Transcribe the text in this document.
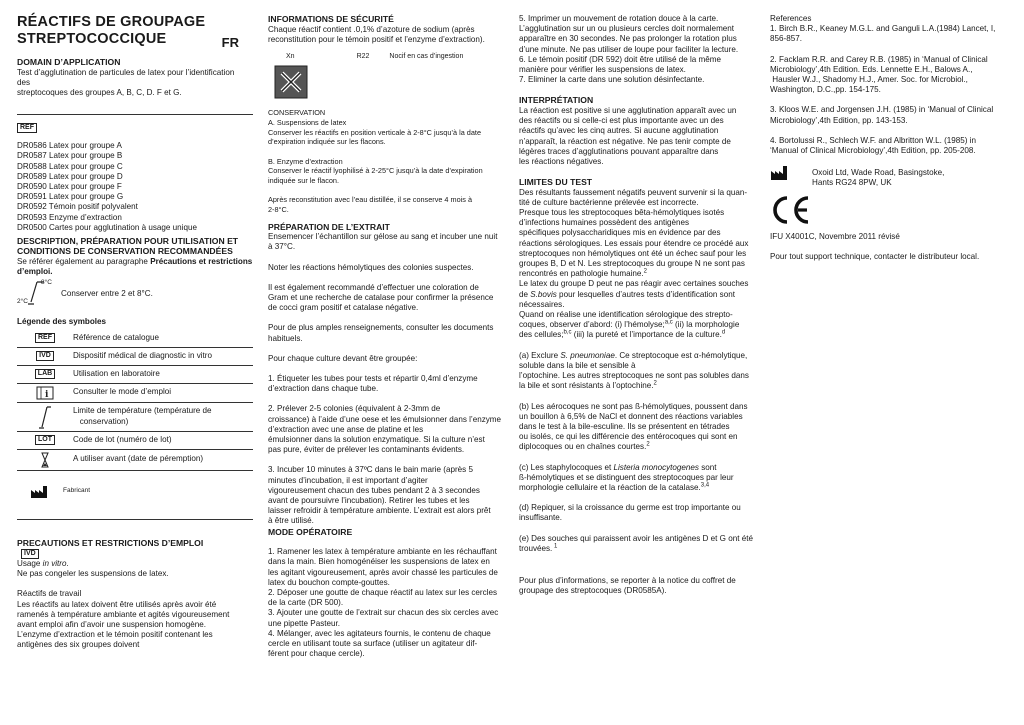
RÉACTIFS DE GROUPAGE
STREPTOCOCCIQUE	FR
DOMAIN D’APPLICATION

Test d’agglutination de particules de latex pour l’identification

des

streptocoques des groupes A, B, C, D. F et G.

REF

DR0586 Latex pour groupe A

DR0587 Latex pour groupe B

DR0588 Latex pour groupe C

DR0589 Latex pour groupe D

DR0590 Latex pour groupe F

DR0591 Latex pour groupe G

DR0592 Témoin positif polyvalent

DR0593 Enzyme d’extraction

DR0500 Cartes pour agglutination à usage unique

DESCRIPTION, PRÉPARATION POUR UTILISATION ET
CONDITIONS DE CONSERVATION RECOMMANDÉES

Se référer également au paragraphe Précautions et restrictions

d’emploi.

8°C
2°C
Conserver entre 2 et 8°C.
Légende des symboles
REF	Référence de catalogue
IVD	Dispositif médical de diagnostic in vitro
LAB	Utilisation en laboratoire
i	Consulter le mode d’emploi
Limite de température (température de
conservation)
LOT	Code de lot (numéro de lot)
A utiliser avant (date de péremption)
Fabricant
PRECAUTIONS ET RESTRICTIONS D’EMPLOI
IVD

Usage in vitro.

Ne pas congeler les suspensions de latex.

Réactifs de travail

Les réactifs au latex doivent être utilisés après avoir été

ramenés à température ambiante et agités vigoureusement

avant emploi afin d’avoir une suspension homogène.

L’enzyme d’extraction et le témoin positif contenant les

antigènes des six groupes doivent

INFORMATIONS DE SÉCURITÉ

Chaque réactif contient .0,1% d’azoture de sodium (après

reconstitution pour le témoin positif et l’enzyme d’extraction).

Xn	R22	Nocif en cas d’ingestion

CONSERVATION

A. Suspensions de latex

Conserver les réactifs en position verticale à 2-8°C jusqu’à la date

d’expiration indiquée sur les flacons.

B. Enzyme d’extraction

Conserver le réactif lyophilisé à 2-25°C jusqu’à la date d’expiration

indiquée sur le flacon.

Après reconstitution avec l’eau distillée, il se conserve 4 mois à

2-8°C.

PRÉPARATION DE L’EXTRAIT

Ensemencer l’échantillon sur gélose au sang et incuber une nuit

à 37°C.

Noter les réactions hémolytiques des colonies suspectes.

Il est également recommandé d’effectuer une coloration de

Gram et une recherche de catalase pour confirmer la présence

de cocci gram positif et catalase négative.

Pour de plus amples renseignements, consulter les documents

habituels.

Pour chaque culture devant être groupée:

1. Étiqueter les tubes pour tests et répartir 0,4ml d’enzyme

d’extraction dans chaque tube.

2. Prélever 2-5 colonies (équivalent à 2-3mm de

croissance) à l’aide d’une oese et les émulsionner dans l’enzyme

d’extraction avec une anse de platine et les

émulsionner dans la solution enzymatique. Si la culture n’est

pas pure, éviter de prélever les contaminants évidents.

3. Incuber 10 minutes à 37ºC dans le bain marie (après 5

minutes d’incubation, il est important d’agiter

vigoureusement chacun des tubes pendant 2 à 3 secondes

avant de poursuivre l’incubation). Retirer les tubes et les

laisser refroidir à température ambiente. L’extrait est alors prêt

à être utilisé.

MODE OPÉRATOIRE

1. Ramener les latex à température ambiante en les réchauffant

dans la main. Bien homogénéiser les suspensions de latex en

les agitant vigoureusement, après avoir chassé les particules de

latex du bouchon compte-gouttes.

2. Déposer une goutte de chaque réactif au latex sur les cercles

de la carte (DR 500).

3. Ajouter une goutte de l’extrait sur chacun des six cercles avec

une pipette Pasteur.

4. Mélanger, avec les agitateurs fournis, le contenu de chaque

cercle en utilisant toute sa surface (utiliser un agitateur dif-

férent pour chaque cercle).

5. Imprimer un mouvement de rotation douce à la carte.

L’agglutination sur un ou plusieurs cercles doit normalement

apparaître en 30 secondes. Ne pas prolonger la rotation plus

d’une minute. Ne pas utiliser de loupe pour faciliter la lecture.

6. Le témoin positif (DR 592) doit être utilisé de la même

manière pour vérifier les suspensions de latex.

7. Eliminer la carte dans une solution désinfectante.

INTERPRÉTATION

La réaction est positive si une agglutination apparaît avec un

des réactifs ou si celle-ci est plus importante avec un des

réactifs qu’avec les cinq autres. Si aucune agglutination

n’apparaît, la réaction est négative. Ne pas tenir compte de

légères traces d’agglutinations pouvant apparaître dans

les réactions négatives.

LIMITES DU TEST

Des résultants faussement négatifs peuvent survenir si la quan-

tité de culture bactérienne prélevée est incorrecte.

Presque tous les streptocoques bêta-hémolytiques isotés

d’infections humaines possèdent des antigènes

spécifiques polysaccharidiques mis en évidence par des

réactions sérologiques. Les essais pour étendre ce procédé aux

streptocoques non hémolytiques ont été un échec sauf pour les

groupes B, D et N. Les streptocoques du groupe N ne sont pas

rencontrés en pathologie humaine.$^2$

Le latex du groupe D peut ne pas réagir avec certaines souches

de S.bovis pour lesquelles d’autres tests d’identification sont

nécessaires.

Quand on réalise une identification sérologique des strepto-

coques, observer d’abord: (i) l’hémolyse;$^{a,c}$ (ii) la morphologie

des cellules;$^{b,c}$ (iii) la pureté et l’importance de la culture.$^d$

(a) Exclure S. pneumoniae. Ce streptocoque est α-hémolytique,

soluble dans la bile et sensible à

l’optochine. Les autres streptocoques ne sont pas solubles dans

la bile et sont résistants à l’optochine.$^2$

(b) Les aérocoques ne sont pas ß-hémolytiques, poussent dans

un bouillon à 6,5% de NaCl et donnent des réactions variables

dans le test à la bile-esculine. Ils se présentent en tétrades

ou isolés, ce qui les différencie des entérocoques qui sont en

diplocoques ou en chaînes courtes.$^2$

(c) Les staphylocoques et Listeria monocytogenes sont

ß-hémolytiques et se distinguent des streptocoques par leur

morphologie cellulaire et la réaction de la catalase.$^{3,4}$

(d) Repiquer, si la croissance du germe est trop importante ou

insuffisante.

(e) Des souches qui paraissent avoir les antigènes D et G ont été

trouvées. $^1$

Pour plus d’informations, se reporter à la notice du coffret de

groupage des streptocoques (DR0585A).

References

1. Birch B.R., Keaney M.G.L. and Ganguli L.A.(1984) Lancet, I,

856-857.

2. Facklam R.R. and Carey R.B. (1985) in ‘Manual of Clinical

Microbiology’,4th Edition. Eds. Lennette E.H., Balows A.,

Hausler W.J., Shadomy H.J., Amer. Soc. for Microbiol.,

Washington, D.C.,pp. 154-175.

3. Kloos W.E. and Jorgensen J.H. (1985) in ‘Manual of Clinical

Microbiology’,4th Edition, pp. 143-153.

4. Bortolussi R., Schlech W.F. and Albritton W.L. (1985) in

‘Manual of Clinical Microbiology’,4th Edition, pp. 205-208.

Oxoid Ltd, Wade Road, Basingstoke,

Hants RG24 8PW, UK

IFU X4001C, Novembre 2011 révisé

Pour tout support technique, contacter le distributeur local.
